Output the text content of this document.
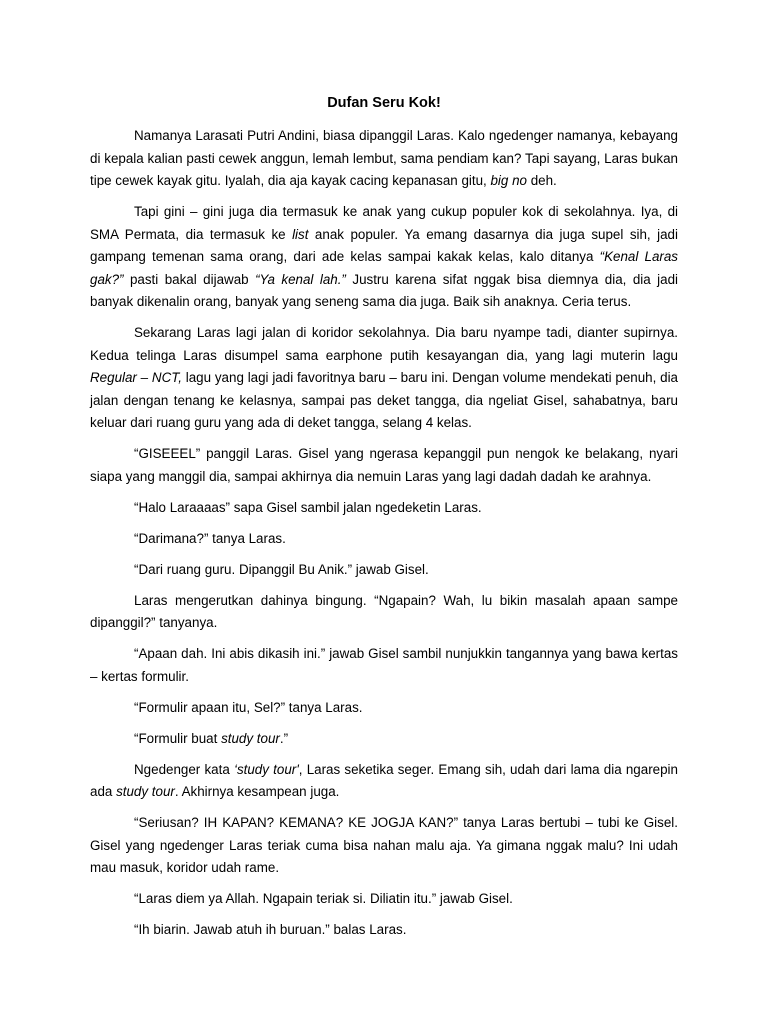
Dufan Seru Kok!

Namanya Larasati Putri Andini, biasa dipanggil Laras. Kalo ngedenger namanya, kebayang di kepala kalian pasti cewek anggun, lemah lembut, sama pendiam kan? Tapi sayang, Laras bukan tipe cewek kayak gitu. Iyalah, dia aja kayak cacing kepanasan gitu, big no deh.

Tapi gini – gini juga dia termasuk ke anak yang cukup populer kok di sekolahnya. Iya, di SMA Permata, dia termasuk ke list anak populer. Ya emang dasarnya dia juga supel sih, jadi gampang temenan sama orang, dari ade kelas sampai kakak kelas, kalo ditanya “Kenal Laras gak?” pasti bakal dijawab “Ya kenal lah.” Justru karena sifat nggak bisa diemnya dia, dia jadi banyak dikenalin orang, banyak yang seneng sama dia juga. Baik sih anaknya. Ceria terus.

Sekarang Laras lagi jalan di koridor sekolahnya. Dia baru nyampe tadi, dianter supirnya. Kedua telinga Laras disumpel sama earphone putih kesayangan dia, yang lagi muterin lagu Regular – NCT, lagu yang lagi jadi favoritnya baru – baru ini. Dengan volume mendekati penuh, dia jalan dengan tenang ke kelasnya, sampai pas deket tangga, dia ngeliat Gisel, sahabatnya, baru keluar dari ruang guru yang ada di deket tangga, selang 4 kelas.

“GISEEEL” panggil Laras. Gisel yang ngerasa kepanggil pun nengok ke belakang, nyari siapa yang manggil dia, sampai akhirnya dia nemuin Laras yang lagi dadah dadah ke arahnya.

“Halo Laraaaas” sapa Gisel sambil jalan ngedeketin Laras.

“Darimana?” tanya Laras.

“Dari ruang guru. Dipanggil Bu Anik.” jawab Gisel.

Laras mengerutkan dahinya bingung. “Ngapain? Wah, lu bikin masalah apaan sampe dipanggil?” tanyanya.

“Apaan dah. Ini abis dikasih ini.” jawab Gisel sambil nunjukkin tangannya yang bawa kertas – kertas formulir.

“Formulir apaan itu, Sel?” tanya Laras.

“Formulir buat study tour.”

Ngedenger kata ‘study tour', Laras seketika seger. Emang sih, udah dari lama dia ngarepin ada study tour. Akhirnya kesampean juga.

“Seriusan? IH KAPAN? KEMANA? KE JOGJA KAN?” tanya Laras bertubi – tubi ke Gisel. Gisel yang ngedenger Laras teriak cuma bisa nahan malu aja. Ya gimana nggak malu? Ini udah mau masuk, koridor udah rame.

“Laras diem ya Allah. Ngapain teriak si. Diliatin itu.” jawab Gisel.

“Ih biarin. Jawab atuh ih buruan.” balas Laras.
